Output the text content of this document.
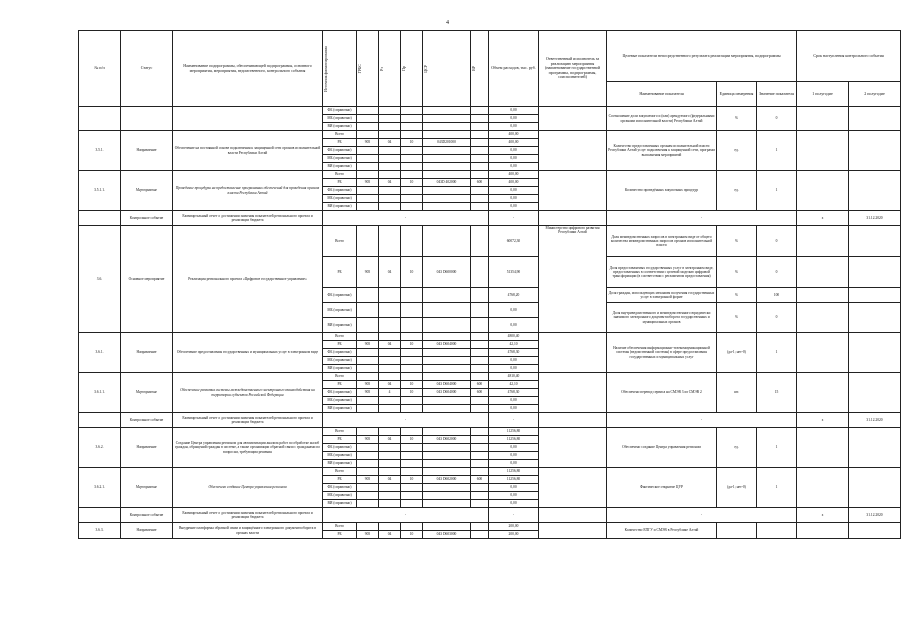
4
№ п/п	Статус	Наименование подпрограммы, обеспечивающей подпрограммы, основного мероприятия, мероприятия, ведомственного, контрольного события	Источник финансирования	ГРБС	Рз	Пр	ЦСР	ВР	Объем расходов, тыс. руб.	Ответственный исполнитель за реализацию мероприятия (наименование государственной программы, подпрограммы, соисполнителей)	Целевые показатели непосредственного результата реализации мероприятия, подпрограммы			Срок наступления контрольного события	
											Наименование показателя	Единица измерения	Значение показателя	1 полугодие	2 полугодие
			ФБ (справочно)						0,00		Соотношение доли закупаемого и (или) арендуемого (федеральными органами исполнительной власти) Республики Алтай	%	0		
			МБ (справочно)						0,00						
			ВИ (справочно)						0,00						
3.5.1.	Направление	Обеспечение на постоянной основе подключения к защищенной сети органов исполнительной власти Республики Алтай	Всего						400,00		Количество предоставленных органам исполнительной власти Республики Алтай услуг подключения к защищенной сети, программ выполнения мероприятий	ед.	1		
			РБ	905	04	10	043D201000		400,00						
			ФБ (справочно)						0,00						
			МБ (справочно)						0,00						
			ВИ (справочно)						0,00						
3.5.1.1.	Мероприятие	Проведение процедуры на предоставление программных обеспечений для проведения органов власти Республики Алтай	Всего						400,00		Количество проведённых закупочных процедур	ед.	1		
			РБ	905	04	10	043D 402000	600	400,00						
			ФБ (справочно)						0,00						
			МБ (справочно)						0,00						
			ВИ (справочно)						0,00						
	Контрольное событие	Ежеквартальный отчет о достижении значения показателей регионального проекта и реализации бюджета	-						-		-			х	31.12.2020
3.6.	Основное мероприятие	Реализация регионального проекта «Цифровое государственное управление»	Всего						60072,30	Министерство цифрового развития Республики Алтай	Доля межведомственных запросов в электронном виде от общего количества межведомственных запросов органов исполнительной власти	%	0		
			РБ	905	04	10	043 D600000		51354,90		Доля предоставляемых государственных услуг в электронном виде, предоставленных в соответствии с целевой моделью цифровой трансформации (в соответствии с регламентом предоставления)	%	0		
			ФБ (справочно)						4768,20		Доля граждан, использующих механизм получения государственных услуг в электронной форме	%	100		
			МБ (справочно)						0,00		Доля внутриведомственного и межведомственного юридически значимого электронного документооборота государственных и муниципальных органов	%	0		
			ВИ (справочно)						0,00						
3.6.1.	Направление	Обеспечение предоставления государственных и муниципальных услуг в электронном виде	Всего						4800,40		Наличие обеспечения информационно-телекоммуникационной системы (ведомственной системы) в сфере предоставления государственных и муниципальных услуг	(да-1; нет-0)	1		
			РБ	905	04	10	043 D604000		42,10						
			ФБ (справочно)						4768,30						
			МБ (справочно)						0,00						
			ВИ (справочно)						0,00						
3.6.1.1.	Мероприятие	Обеспечение развития системы межведомственного электронного взаимодействия на территории субъектов Российской Федерации	Всего						4810,40		Обеспечено перевод сервиса на СМЭВ 3 из СМЭВ 2	шт.	15		
			РБ	905	04	10	043 D604000	600	42,10						
			ФБ (справочно)	905	4	10	043 D604000	600	4768,30						
			МБ (справочно)						0,00						
			ВИ (справочно)						0,00						
	Контрольное событие	Ежеквартальный отчет о достижении значения показателей регионального проекта и реализации бюджета	-						-		-			х	31.12.2020
3.6.2.	Направление	Создание Центра управления регионом для автоматизации анализа работ по обработке жалоб граждан, обращений граждан в системе, а также организации обратной связи с гражданами по вопросам, требующим решения	Всего						11256,80		Обеспечено создание Центра управления регионом	ед.	1		
			РБ	905	04	10	043 D602000		11256,80						
			ФБ (справочно)						0,00						
			МБ (справочно)						0,00						
			ВИ (справочно)						0,00						
3.6.2.1.	Мероприятие	Обеспечено создание Центра управления регионом	Всего						11256,80		Фактическое открытие ЦУР	(да-1; нет-0)	1		
			РБ	905	04	10	043 D602000	600	11256,80						
			ФБ (справочно)						0,00						
			МБ (справочно)						0,00						
			ВИ (справочно)						0,00						
	Контрольное событие	Ежеквартальный отчет о достижении значения показателей регионального проекта и реализации бюджета	-						-		-			х	31.12.2020
3.6.3.	Направление	Внедрение платформы обратной связи и защищённого электронного документооборота в органах власти	Всего						200,00		Количество ЕПГУ и СМЭВ в Республике Алтай				
			РБ	905	04	10	043 D603000		200,00						
